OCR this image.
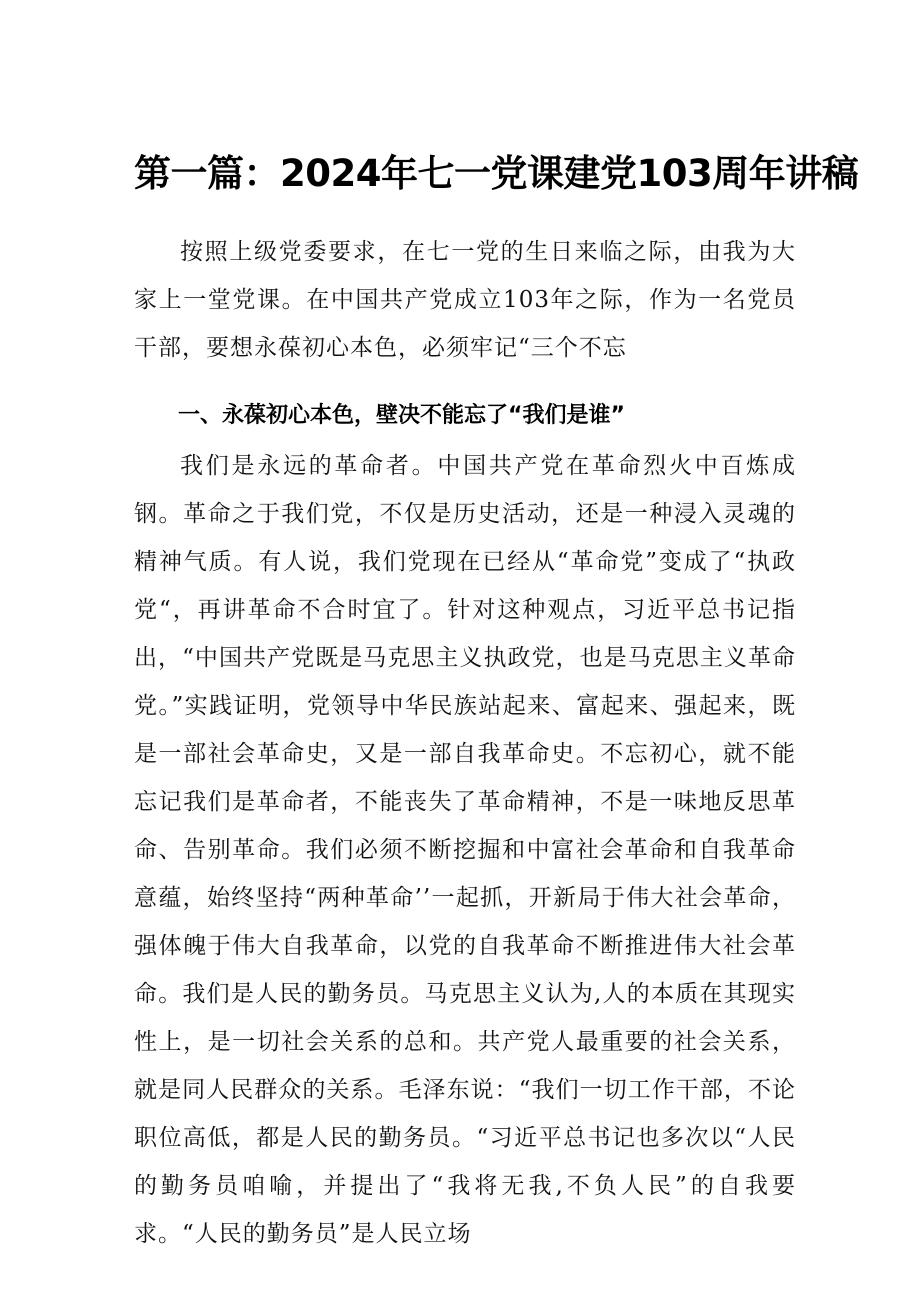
第一篇：2024年七一党课建党103周年讲稿

按照上级党委要求，在七一党的生日来临之际，由我为大家上一堂党课。在中国共产党成立103年之际，作为一名党员干部，要想永葆初心本色，必须牢记“三个不忘

一、永葆初心本色，壁决不能忘了“我们是谁”

我们是永远的革命者。中国共产党在革命烈火中百炼成钢。革命之于我们党，不仅是历史活动，还是一种浸入灵魂的精神气质。有人说，我们党现在已经从“革命党”变成了“执政党“，再讲革命不合时宜了。针对这种观点，习近平总书记指出，“中国共产党既是马克思主义执政党，也是马克思主义革命党。”实践证明，党领导中华民族站起来、富起来、强起来，既是一部社会革命史，又是一部自我革命史。不忘初心，就不能忘记我们是革命者，不能丧失了革命精神，不是一味地反思革命、告别革命。我们必须不断挖掘和中富社会革命和自我革命意蕴，始终坚持“两种革命’’一起抓，开新局于伟大社会革命，强体魄于伟大自我革命，以党的自我革命不断推进伟大社会革命。我们是人民的勤务员。马克思主义认为,人的本质在其现实性上，是一切社会关系的总和。共产党人最重要的社会关系，就是同人民群众的关系。毛泽东说：“我们一切工作干部，不论职位高低，都是人民的勤务员。“习近平总书记也多次以“人民的勤务员咱喻，并提出了“我将无我,不负人民”的自我要求。“人民的勤务员”是人民立场
